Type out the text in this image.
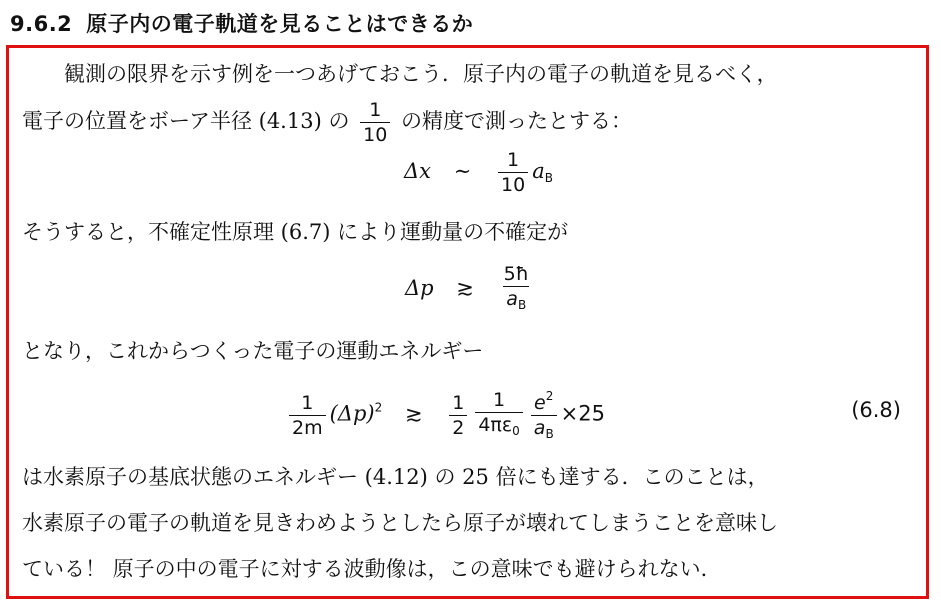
9.6.2 原子内の電子軌道を見ることはできるか
観測の限界を示す例を一つあげておこう．原子内の電子の軌道を見るべく，
電子の位置をボーア半径 (4.13) の $\frac{1}{10}$ の精度で測ったとする：
Δx ∼ $\frac{1}{10} a_B$
そうすると，不確定性原理 (6.7) により運動量の不確定が
Δp ≳ $\frac{5ħ}{a_B}$
となり，これからつくった電子の運動エネルギー
$\frac{1}{2m} (\Delta p)^2$ ≳ $\frac{1}{2} \frac{1}{4\pi\varepsilon_0} \frac{e^2}{a_B} \times 25$	(6.8)
は水素原子の基底状態のエネルギー (4.12) の 25 倍にも達する．このことは，
水素原子の電子の軌道を見きわめようとしたら原子が壊れてしまうことを意味し
ている！ 原子の中の電子に対する波動像は，この意味でも避けられない．
